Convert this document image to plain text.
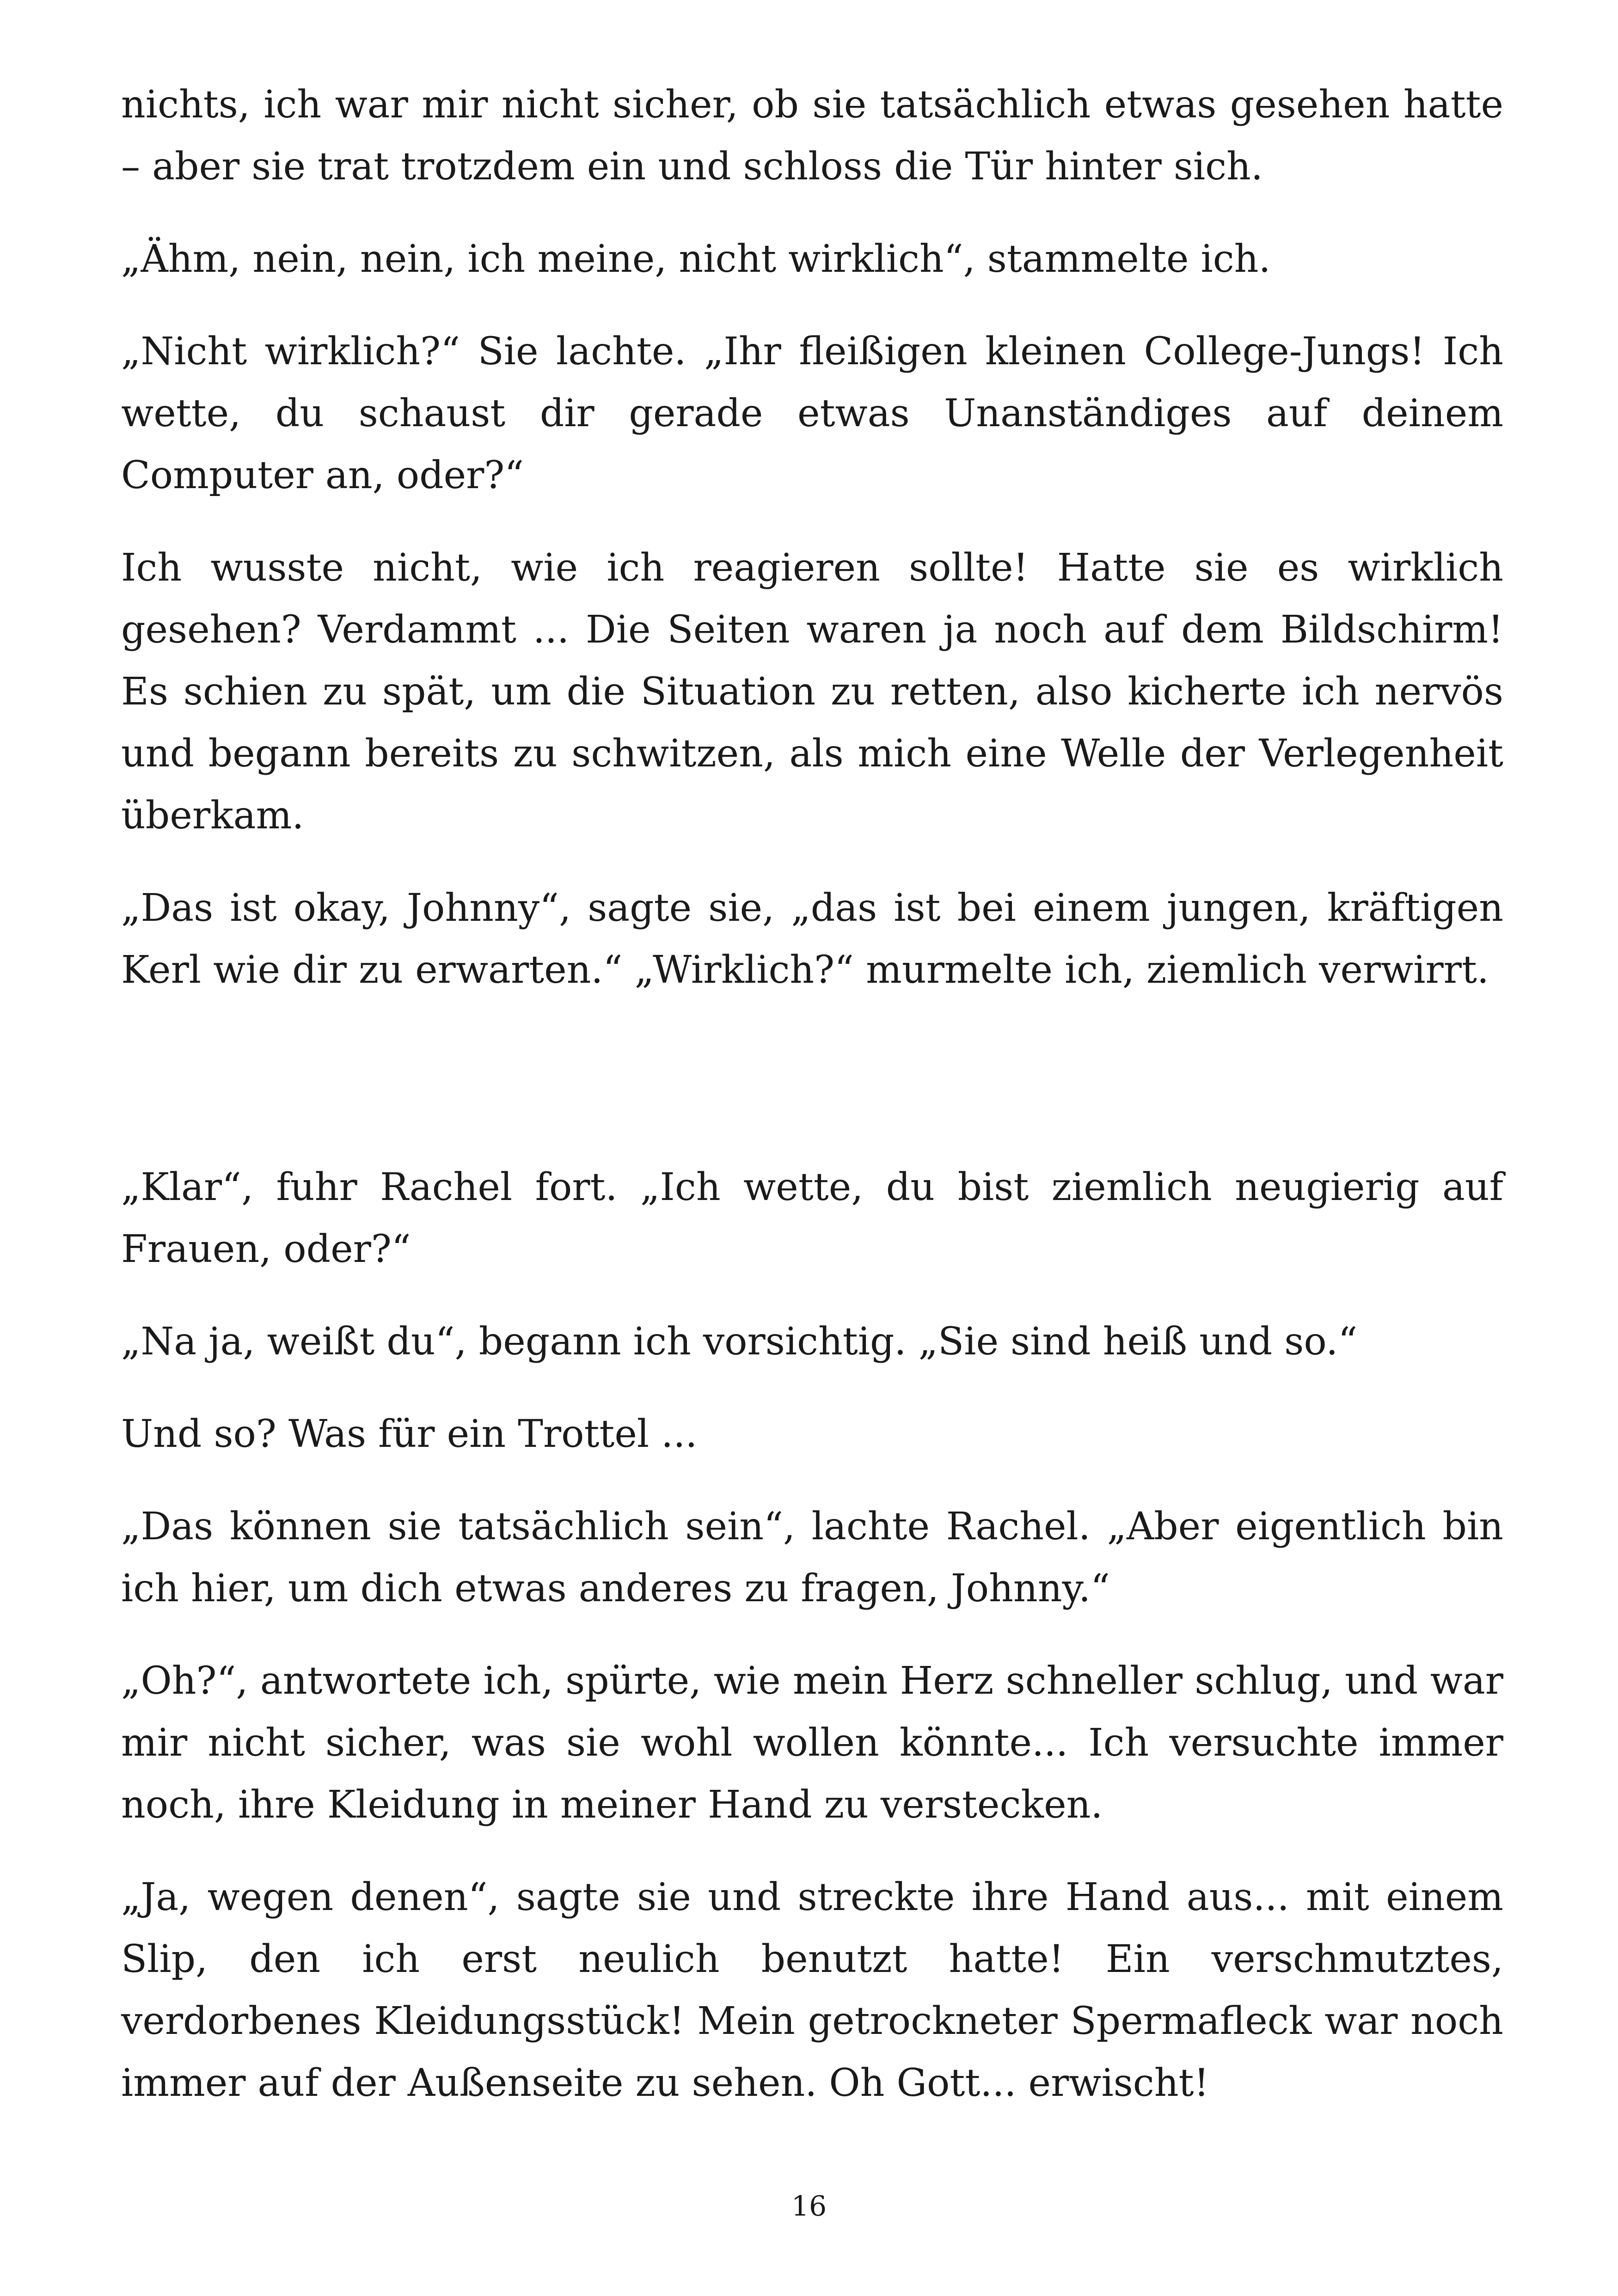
nichts, ich war mir nicht sicher, ob sie tatsächlich etwas gesehen hatte – aber sie trat trotzdem ein und schloss die Tür hinter sich.

„Ähm, nein, nein, ich meine, nicht wirklich“, stammelte ich.

„Nicht wirklich?“ Sie lachte. „Ihr fleißigen kleinen College-Jungs! Ich wette, du schaust dir gerade etwas Unanständiges auf deinem Computer an, oder?“

Ich wusste nicht, wie ich reagieren sollte! Hatte sie es wirklich gesehen? Verdammt ... Die Seiten waren ja noch auf dem Bildschirm! Es schien zu spät, um die Situation zu retten, also kicherte ich nervös und begann bereits zu schwitzen, als mich eine Welle der Verlegenheit überkam.

„Das ist okay, Johnny“, sagte sie, „das ist bei einem jungen, kräftigen Kerl wie dir zu erwarten.“ „Wirklich?“ murmelte ich, ziemlich verwirrt.

„Klar“, fuhr Rachel fort. „Ich wette, du bist ziemlich neugierig auf Frauen, oder?“

„Na ja, weißt du“, begann ich vorsichtig. „Sie sind heiß und so.“

Und so? Was für ein Trottel ...

„Das können sie tatsächlich sein“, lachte Rachel. „Aber eigentlich bin ich hier, um dich etwas anderes zu fragen, Johnny.“

„Oh?“, antwortete ich, spürte, wie mein Herz schneller schlug, und war mir nicht sicher, was sie wohl wollen könnte... Ich versuchte immer noch, ihre Kleidung in meiner Hand zu verstecken.

„Ja, wegen denen“, sagte sie und streckte ihre Hand aus... mit einem Slip, den ich erst neulich benutzt hatte! Ein verschmutztes, verdorbenes Kleidungsstück! Mein getrockneter Spermafleck war noch immer auf der Außenseite zu sehen. Oh Gott... erwischt!

16
